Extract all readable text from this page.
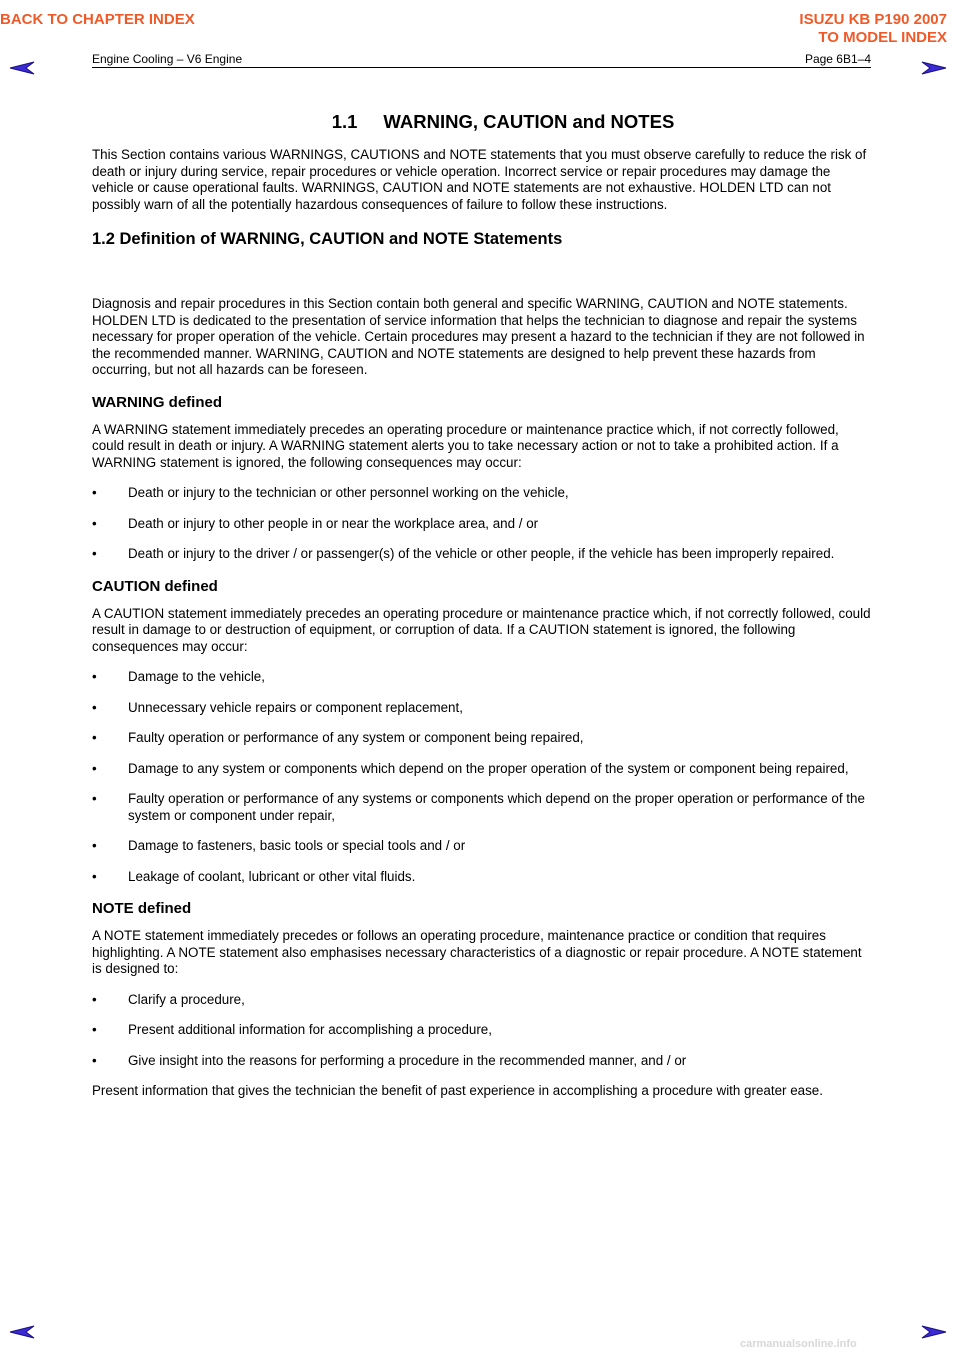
BACK TO CHAPTER INDEX	ISUZU KB P190 2007
TO MODEL INDEX
Engine Cooling – V6 Engine	Page 6B1–4
1.1 WARNING, CAUTION and NOTES

This Section contains various WARNINGS, CAUTIONS and NOTE statements that you must observe carefully to reduce the risk of death or injury during service, repair procedures or vehicle operation. Incorrect service or repair procedures may damage the vehicle or cause operational faults. WARNINGS, CAUTION and NOTE statements are not exhaustive. HOLDEN LTD can not possibly warn of all the potentially hazardous consequences of failure to follow these instructions.

1.2 Definition of WARNING, CAUTION and NOTE Statements

Diagnosis and repair procedures in this Section contain both general and specific WARNING, CAUTION and NOTE statements. HOLDEN LTD is dedicated to the presentation of service information that helps the technician to diagnose and repair the systems necessary for proper operation of the vehicle. Certain procedures may present a hazard to the technician if they are not followed in the recommended manner. WARNING, CAUTION and NOTE statements are designed to help prevent these hazards from occurring, but not all hazards can be foreseen.

WARNING defined

A WARNING statement immediately precedes an operating procedure or maintenance practice which, if not correctly followed, could result in death or injury. A WARNING statement alerts you to take necessary action or not to take a prohibited action. If a WARNING statement is ignored, the following consequences may occur:

• Death or injury to the technician or other personnel working on the vehicle,
• Death or injury to other people in or near the workplace area, and / or
• Death or injury to the driver / or passenger(s) of the vehicle or other people, if the vehicle has been improperly repaired.
CAUTION defined

A CAUTION statement immediately precedes an operating procedure or maintenance practice which, if not correctly followed, could result in damage to or destruction of equipment, or corruption of data. If a CAUTION statement is ignored, the following consequences may occur:

• Damage to the vehicle,
• Unnecessary vehicle repairs or component replacement,
• Faulty operation or performance of any system or component being repaired,
• Damage to any system or components which depend on the proper operation of the system or component being repaired,
• Faulty operation or performance of any systems or components which depend on the proper operation or performance of the system or component under repair,
• Damage to fasteners, basic tools or special tools and / or
• Leakage of coolant, lubricant or other vital fluids.
NOTE defined

A NOTE statement immediately precedes or follows an operating procedure, maintenance practice or condition that requires highlighting. A NOTE statement also emphasises necessary characteristics of a diagnostic or repair procedure. A NOTE statement is designed to:

• Clarify a procedure,
• Present additional information for accomplishing a procedure,
• Give insight into the reasons for performing a procedure in the recommended manner, and / or

Present information that gives the technician the benefit of past experience in accomplishing a procedure with greater ease.

carmanualsonline.info
